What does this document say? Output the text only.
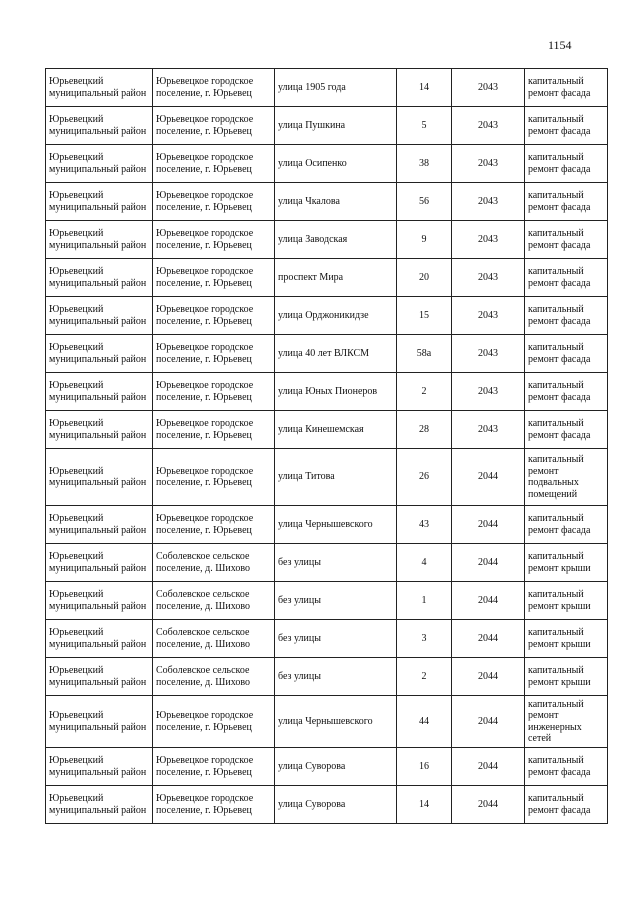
1154
Юрьевецкий муниципальный район	Юрьевецкое городское поселение, г. Юрьевец	улица 1905 года	14	2043	капитальный ремонт фасада
Юрьевецкий муниципальный район	Юрьевецкое городское поселение, г. Юрьевец	улица Пушкина	5	2043	капитальный ремонт фасада
Юрьевецкий муниципальный район	Юрьевецкое городское поселение, г. Юрьевец	улица Осипенко	38	2043	капитальный ремонт фасада
Юрьевецкий муниципальный район	Юрьевецкое городское поселение, г. Юрьевец	улица Чкалова	56	2043	капитальный ремонт фасада
Юрьевецкий муниципальный район	Юрьевецкое городское поселение, г. Юрьевец	улица Заводская	9	2043	капитальный ремонт фасада
Юрьевецкий муниципальный район	Юрьевецкое городское поселение, г. Юрьевец	проспект Мира	20	2043	капитальный ремонт фасада
Юрьевецкий муниципальный район	Юрьевецкое городское поселение, г. Юрьевец	улица Орджоникидзе	15	2043	капитальный ремонт фасада
Юрьевецкий муниципальный район	Юрьевецкое городское поселение, г. Юрьевец	улица 40 лет ВЛКСМ	58а	2043	капитальный ремонт фасада
Юрьевецкий муниципальный район	Юрьевецкое городское поселение, г. Юрьевец	улица Юных Пионеров	2	2043	капитальный ремонт фасада
Юрьевецкий муниципальный район	Юрьевецкое городское поселение, г. Юрьевец	улица Кинешемская	28	2043	капитальный ремонт фасада
Юрьевецкий муниципальный район	Юрьевецкое городское поселение, г. Юрьевец	улица Титова	26	2044	капитальный ремонт подвальных помещений
Юрьевецкий муниципальный район	Юрьевецкое городское поселение, г. Юрьевец	улица Чернышевского	43	2044	капитальный ремонт фасада
Юрьевецкий муниципальный район	Соболевское сельское поселение, д. Шихово	без улицы	4	2044	капитальный ремонт крыши
Юрьевецкий муниципальный район	Соболевское сельское поселение, д. Шихово	без улицы	1	2044	капитальный ремонт крыши
Юрьевецкий муниципальный район	Соболевское сельское поселение, д. Шихово	без улицы	3	2044	капитальный ремонт крыши
Юрьевецкий муниципальный район	Соболевское сельское поселение, д. Шихово	без улицы	2	2044	капитальный ремонт крыши
Юрьевецкий муниципальный район	Юрьевецкое городское поселение, г. Юрьевец	улица Чернышевского	44	2044	капитальный ремонт инженерных сетей
Юрьевецкий муниципальный район	Юрьевецкое городское поселение, г. Юрьевец	улица Суворова	16	2044	капитальный ремонт фасада
Юрьевецкий муниципальный район	Юрьевецкое городское поселение, г. Юрьевец	улица Суворова	14	2044	капитальный ремонт фасада
